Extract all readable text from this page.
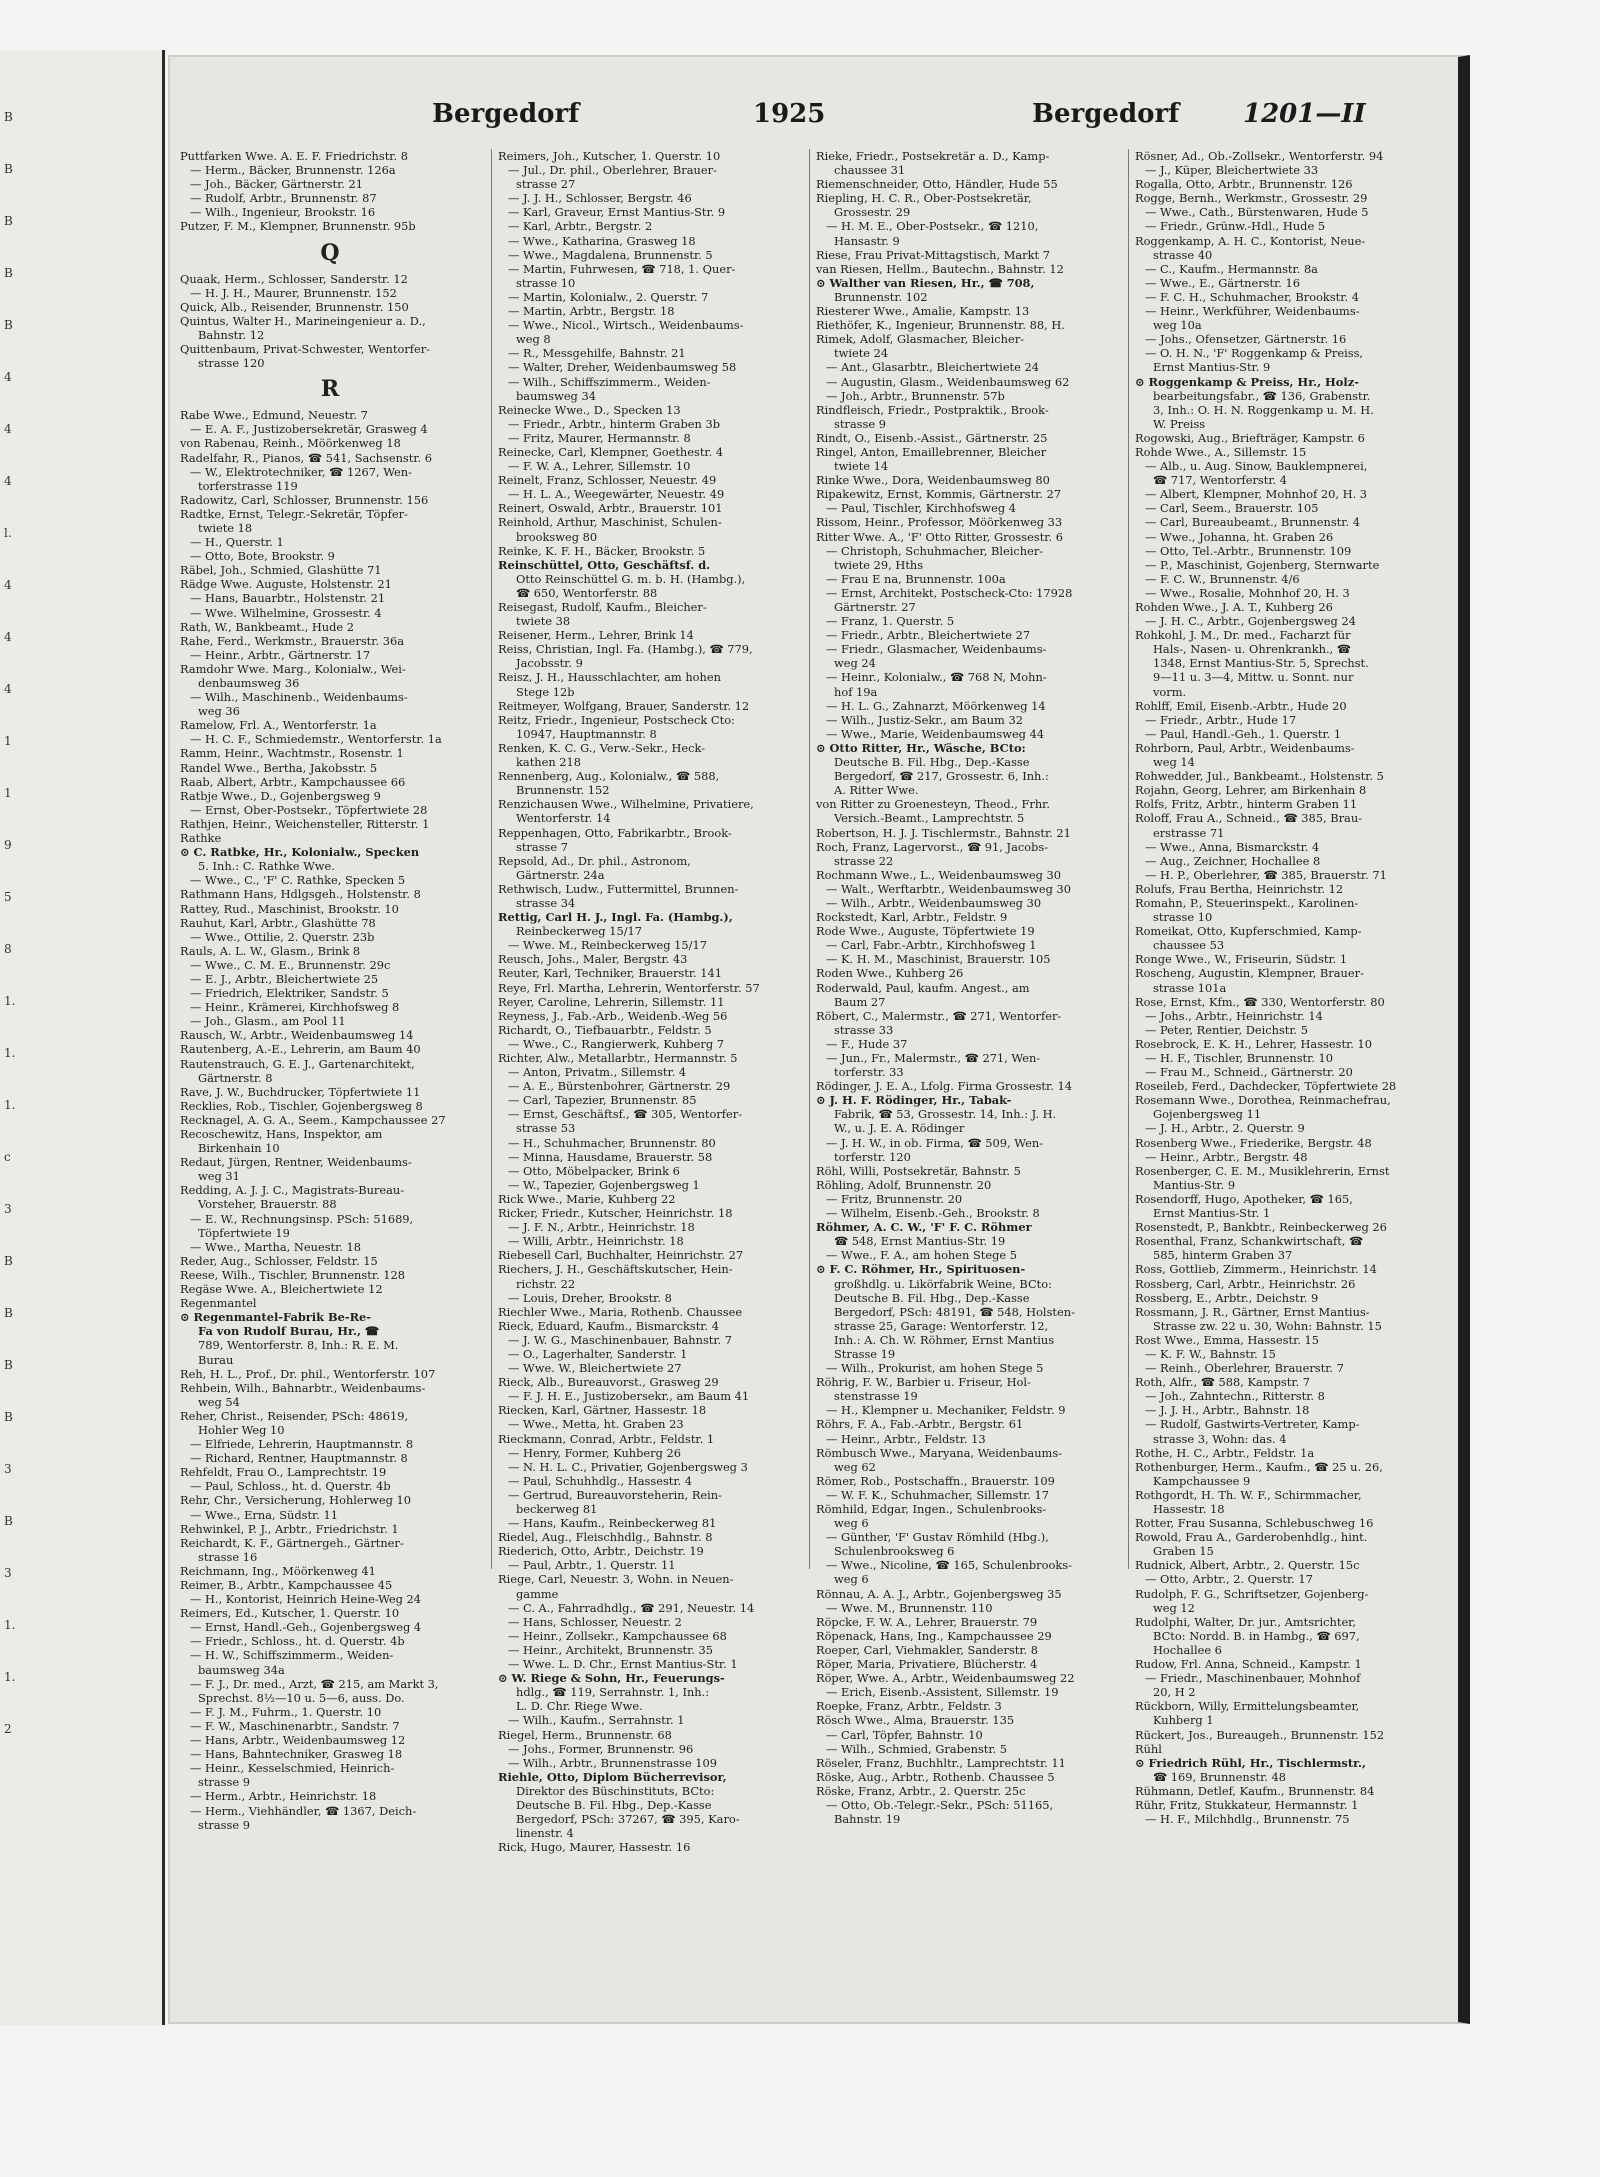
B
B
B
B
B
4
4
4
l.
4
4
4
1
1
9
5
8
1.
1.
1.
c
3
B
B
B
B
3
B
3
1.
1.
2
Bergedorf	1925	Bergedorf 1201—II
Puttfarken Wwe. A. E. F. Friedrichstr. 8
— Herm., Bäcker, Brunnenstr. 126a
— Joh., Bäcker, Gärtnerstr. 21
— Rudolf, Arbtr., Brunnenstr. 87
— Wilh., Ingenieur, Brookstr. 16
Putzer, F. M., Klempner, Brunnenstr. 95b
Q
Quaak, Herm., Schlosser, Sanderstr. 12
— H. J. H., Maurer, Brunnenstr. 152
Quick, Alb., Reisender, Brunnenstr. 150
Quintus, Walter H., Marineingenieur a. D.,
Bahnstr. 12
Quittenbaum, Privat-Schwester, Wentorfer-
strasse 120
R
Rabe Wwe., Edmund, Neuestr. 7
— E. A. F., Justizobersekretär, Grasweg 4
von Rabenau, Reinh., Möörkenweg 18
Radelfahr, R., Pianos, ☎ 541, Sachsenstr. 6
— W., Elektrotechniker, ☎ 1267, Wen-
torferstrasse 119
Radowitz, Carl, Schlosser, Brunnenstr. 156
Radtke, Ernst, Telegr.-Sekretär, Töpfer-
twiete 18
— H., Querstr. 1
— Otto, Bote, Brookstr. 9
Räbel, Joh., Schmied, Glashütte 71
Rädge Wwe. Auguste, Holstenstr. 21
— Hans, Bauarbtr., Holstenstr. 21
— Wwe. Wilhelmine, Grossestr. 4
Rath, W., Bankbeamt., Hude 2
Rahe, Ferd., Werkmstr., Brauerstr. 36a
— Heinr., Arbtr., Gärtnerstr. 17
Ramdohr Wwe. Marg., Kolonialw., Wei-
denbaumsweg 36
— Wilh., Maschinenb., Weidenbaums-
weg 36
Ramelow, Frl. A., Wentorferstr. 1a
— H. C. F., Schmiedemstr., Wentorferstr. 1a
Ramm, Heinr., Wachtmstr., Rosenstr. 1
Randel Wwe., Bertha, Jakobsstr. 5
Raab, Albert, Arbtr., Kampchaussee 66
Ratbje Wwe., D., Gojenbergsweg 9
— Ernst, Ober-Postsekr., Töpfertwiete 28
Rathjen, Heinr., Weichensteller, Ritterstr. 1
Rathke
⊙ C. Ratbke, Hr., Kolonialw., Specken
5. Inh.: C. Rathke Wwe.
— Wwe., C., 'F' C. Rathke, Specken 5
Rathmann Hans, Hdlgsgeh., Holstenstr. 8
Rattey, Rud., Maschinist, Brookstr. 10
Rauhut, Karl, Arbtr., Glashütte 78
— Wwe., Ottilie, 2. Querstr. 23b
Rauls, A. L. W., Glasm., Brink 8
— Wwe., C. M. E., Brunnenstr. 29c
— E. J., Arbtr., Bleichertwiete 25
— Friedrich, Elektriker, Sandstr. 5
— Heinr., Krämerei, Kirchhofsweg 8
— Joh., Glasm., am Pool 11
Rausch, W., Arbtr., Weidenbaumsweg 14
Rautenberg, A.-E., Lehrerin, am Baum 40
Rautenstrauch, G. E. J., Gartenarchitekt,
Gärtnerstr. 8
Rave, J. W., Buchdrucker, Töpfertwiete 11
Recklies, Rob., Tischler, Gojenbergsweg 8
Recknagel, A. G. A., Seem., Kampchaussee 27
Recoschewitz, Hans, Inspektor, am
Birkenhain 10
Redaut, Jürgen, Rentner, Weidenbaums-
weg 31
Redding, A. J. J. C., Magistrats-Bureau-
Vorsteher, Brauerstr. 88
— E. W., Rechnungsinsp. PSch: 51689,
Töpfertwiete 19
— Wwe., Martha, Neuestr. 18
Reder, Aug., Schlosser, Feldstr. 15
Reese, Wilh., Tischler, Brunnenstr. 128
Regäse Wwe. A., Bleichertwiete 12
Regenmantel
⊙ Regenmantel-Fabrik Be-Re-
Fa von Rudolf Burau, Hr., ☎
789, Wentorferstr. 8, Inh.: R. E. M.
Burau
Reh, H. L., Prof., Dr. phil., Wentorferstr. 107
Rehbein, Wilh., Bahnarbtr., Weidenbaums-
weg 54
Reher, Christ., Reisender, PSch: 48619,
Hohler Weg 10
— Elfriede, Lehrerin, Hauptmannstr. 8
— Richard, Rentner, Hauptmannstr. 8
Rehfeldt, Frau O., Lamprechtstr. 19
— Paul, Schloss., ht. d. Querstr. 4b
Rehr, Chr., Versicherung, Hohlerweg 10
— Wwe., Erna, Südstr. 11
Rehwinkel, P. J., Arbtr., Friedrichstr. 1
Reichardt, K. F., Gärtnergeh., Gärtner-
strasse 16
Reichmann, Ing., Möörkenweg 41
Reimer, B., Arbtr., Kampchaussee 45
— H., Kontorist, Heinrich Heine-Weg 24
Reimers, Ed., Kutscher, 1. Querstr. 10
— Ernst, Handl.-Geh., Gojenbergsweg 4
— Friedr., Schloss., ht. d. Querstr. 4b
— H. W., Schiffszimmerm., Weiden-
baumsweg 34a
— F. J., Dr. med., Arzt, ☎ 215, am Markt 3,
Sprechst. 8½—10 u. 5—6, auss. Do.
— F. J. M., Fuhrm., 1. Querstr. 10
— F. W., Maschinenarbtr., Sandstr. 7
— Hans, Arbtr., Weidenbaumsweg 12
— Hans, Bahntechniker, Grasweg 18
— Heinr., Kesselschmied, Heinrich-
strasse 9
— Herm., Arbtr., Heinrichstr. 18
— Herm., Viehhändler, ☎ 1367, Deich-
strasse 9
Reimers, Joh., Kutscher, 1. Querstr. 10
— Jul., Dr. phil., Oberlehrer, Brauer-
strasse 27
— J. J. H., Schlosser, Bergstr. 46
— Karl, Graveur, Ernst Mantius-Str. 9
— Karl, Arbtr., Bergstr. 2
— Wwe., Katharina, Grasweg 18
— Wwe., Magdalena, Brunnenstr. 5
— Martin, Fuhrwesen, ☎ 718, 1. Quer-
strasse 10
— Martin, Kolonialw., 2. Querstr. 7
— Martin, Arbtr., Bergstr. 18
— Wwe., Nicol., Wirtsch., Weidenbaums-
weg 8
— R., Messgehilfe, Bahnstr. 21
— Walter, Dreher, Weidenbaumsweg 58
— Wilh., Schiffszimmerm., Weiden-
baumsweg 34
Reinecke Wwe., D., Specken 13
— Friedr., Arbtr., hinterm Graben 3b
— Fritz, Maurer, Hermannstr. 8
Reinecke, Carl, Klempner, Goethestr. 4
— F. W. A., Lehrer, Sillemstr. 10
Reinelt, Franz, Schlosser, Neuestr. 49
— H. L. A., Weegewärter, Neuestr. 49
Reinert, Oswald, Arbtr., Brauerstr. 101
Reinhold, Arthur, Maschinist, Schulen-
brooksweg 80
Reinke, K. F. H., Bäcker, Brookstr. 5
Reinschüttel, Otto, Geschäftsf. d.
Otto Reinschüttel G. m. b. H. (Hambg.),
☎ 650, Wentorferstr. 88
Reisegast, Rudolf, Kaufm., Bleicher-
twiete 38
Reisener, Herm., Lehrer, Brink 14
Reiss, Christian, Ingl. Fa. (Hambg.), ☎ 779,
Jacobsstr. 9
Reisz, J. H., Hausschlachter, am hohen
Stege 12b
Reitmeyer, Wolfgang, Brauer, Sanderstr. 12
Reitz, Friedr., Ingenieur, Postscheck Cto:
10947, Hauptmannstr. 8
Renken, K. C. G., Verw.-Sekr., Heck-
kathen 218
Rennenberg, Aug., Kolonialw., ☎ 588,
Brunnenstr. 152
Renzichausen Wwe., Wilhelmine, Privatiere,
Wentorferstr. 14
Reppenhagen, Otto, Fabrikarbtr., Brook-
strasse 7
Repsold, Ad., Dr. phil., Astronom,
Gärtnerstr. 24a
Rethwisch, Ludw., Futtermittel, Brunnen-
strasse 34
Rettig, Carl H. J., Ingl. Fa. (Hambg.),
Reinbeckerweg 15/17
— Wwe. M., Reinbeckerweg 15/17
Reusch, Johs., Maler, Bergstr. 43
Reuter, Karl, Techniker, Brauerstr. 141
Reye, Frl. Martha, Lehrerin, Wentorferstr. 57
Reyer, Caroline, Lehrerin, Sillemstr. 11
Reyness, J., Fab.-Arb., Weidenb.-Weg 56
Richardt, O., Tiefbauarbtr., Feldstr. 5
— Wwe., C., Rangierwerk, Kuhberg 7
Richter, Alw., Metallarbtr., Hermannstr. 5
— Anton, Privatm., Sillemstr. 4
— A. E., Bürstenbohrer, Gärtnerstr. 29
— Carl, Tapezier, Brunnenstr. 85
— Ernst, Geschäftsf., ☎ 305, Wentorfer-
strasse 53
— H., Schuhmacher, Brunnenstr. 80
— Minna, Hausdame, Brauerstr. 58
— Otto, Möbelpacker, Brink 6
— W., Tapezier, Gojenbergsweg 1
Rick Wwe., Marie, Kuhberg 22
Ricker, Friedr., Kutscher, Heinrichstr. 18
— J. F. N., Arbtr., Heinrichstr. 18
— Willi, Arbtr., Heinrichstr. 18
Riebesell Carl, Buchhalter, Heinrichstr. 27
Riechers, J. H., Geschäftskutscher, Hein-
richstr. 22
— Louis, Dreher, Brookstr. 8
Riechler Wwe., Maria, Rothenb. Chaussee
Rieck, Eduard, Kaufm., Bismarckstr. 4
— J. W. G., Maschinenbauer, Bahnstr. 7
— O., Lagerhalter, Sanderstr. 1
— Wwe. W., Bleichertwiete 27
Rieck, Alb., Bureauvorst., Grasweg 29
— F. J. H. E., Justizobersekr., am Baum 41
Riecken, Karl, Gärtner, Hassestr. 18
— Wwe., Metta, ht. Graben 23
Rieckmann, Conrad, Arbtr., Feldstr. 1
— Henry, Former, Kuhberg 26
— N. H. L. C., Privatier, Gojenbergsweg 3
— Paul, Schuhhdlg., Hassestr. 4
— Gertrud, Bureauvorsteherin, Rein-
beckerweg 81
— Hans, Kaufm., Reinbeckerweg 81
Riedel, Aug., Fleischhdlg., Bahnstr. 8
Riederich, Otto, Arbtr., Deichstr. 19
— Paul, Arbtr., 1. Querstr. 11
Riege, Carl, Neuestr. 3, Wohn. in Neuen-
gamme
— C. A., Fahrradhdlg., ☎ 291, Neuestr. 14
— Hans, Schlosser, Neuestr. 2
— Heinr., Zollsekr., Kampchaussee 68
— Heinr., Architekt, Brunnenstr. 35
— Wwe. L. D. Chr., Ernst Mantius-Str. 1
⊙ W. Riege & Sohn, Hr., Feuerungs-
hdlg., ☎ 119, Serrahnstr. 1, Inh.:
L. D. Chr. Riege Wwe.
— Wilh., Kaufm., Serrahnstr. 1
Riegel, Herm., Brunnenstr. 68
— Johs., Former, Brunnenstr. 96
— Wilh., Arbtr., Brunnenstrasse 109
Riehle, Otto, Diplom Bücherrevisor,
Direktor des Büschinstituts, BCto:
Deutsche B. Fil. Hbg., Dep.-Kasse
Bergedorf, PSch: 37267, ☎ 395, Karo-
linenstr. 4
Rick, Hugo, Maurer, Hassestr. 16
Rieke, Friedr., Postsekretär a. D., Kamp-
chaussee 31
Riemenschneider, Otto, Händler, Hude 55
Riepling, H. C. R., Ober-Postsekretär,
Grossestr. 29
— H. M. E., Ober-Postsekr., ☎ 1210,
Hansastr. 9
Riese, Frau Privat-Mittagstisch, Markt 7
van Riesen, Hellm., Bautechn., Bahnstr. 12
⊙ Walther van Riesen, Hr., ☎ 708,
Brunnenstr. 102
Riesterer Wwe., Amalie, Kampstr. 13
Riethöfer, K., Ingenieur, Brunnenstr. 88, H.
Rimek, Adolf, Glasmacher, Bleicher-
twiete 24
— Ant., Glasarbtr., Bleichertwiete 24
— Augustin, Glasm., Weidenbaumsweg 62
— Joh., Arbtr., Brunnenstr. 57b
Rindfleisch, Friedr., Postpraktik., Brook-
strasse 9
Rindt, O., Eisenb.-Assist., Gärtnerstr. 25
Ringel, Anton, Emaillebrenner, Bleicher
twiete 14
Rinke Wwe., Dora, Weidenbaumsweg 80
Ripakewitz, Ernst, Kommis, Gärtnerstr. 27
— Paul, Tischler, Kirchhofsweg 4
Rissom, Heinr., Professor, Möörkenweg 33
Ritter Wwe. A., 'F' Otto Ritter, Grossestr. 6
— Christoph, Schuhmacher, Bleicher-
twiete 29, Hths
— Frau E na, Brunnenstr. 100a
— Ernst, Architekt, Postscheck-Cto: 17928
Gärtnerstr. 27
— Franz, 1. Querstr. 5
— Friedr., Arbtr., Bleichertwiete 27
— Friedr., Glasmacher, Weidenbaums-
weg 24
— Heinr., Kolonialw., ☎ 768 N, Mohn-
hof 19a
— H. L. G., Zahnarzt, Möörkenweg 14
— Wilh., Justiz-Sekr., am Baum 32
— Wwe., Marie, Weidenbaumsweg 44
⊙ Otto Ritter, Hr., Wäsche, BCto:
Deutsche B. Fil. Hbg., Dep.-Kasse
Bergedorf, ☎ 217, Grossestr. 6, Inh.:
A. Ritter Wwe.
von Ritter zu Groenesteyn, Theod., Frhr.
Versich.-Beamt., Lamprechtstr. 5
Robertson, H. J. J. Tischlermstr., Bahnstr. 21
Roch, Franz, Lagervorst., ☎ 91, Jacobs-
strasse 22
Rochmann Wwe., L., Weidenbaumsweg 30
— Walt., Werftarbtr., Weidenbaumsweg 30
— Wilh., Arbtr., Weidenbaumsweg 30
Rockstedt, Karl, Arbtr., Feldstr. 9
Rode Wwe., Auguste, Töpfertwiete 19
— Carl, Fabr.-Arbtr., Kirchhofsweg 1
— K. H. M., Maschinist, Brauerstr. 105
Roden Wwe., Kuhberg 26
Roderwald, Paul, kaufm. Angest., am
Baum 27
Röbert, C., Malermstr., ☎ 271, Wentorfer-
strasse 33
— F., Hude 37
— Jun., Fr., Malermstr., ☎ 271, Wen-
torferstr. 33
Rödinger, J. E. A., Lfolg. Firma Grossestr. 14
⊙ J. H. F. Rödinger, Hr., Tabak-
Fabrik, ☎ 53, Grossestr. 14, Inh.: J. H.
W., u. J. E. A. Rödinger
— J. H. W., in ob. Firma, ☎ 509, Wen-
torferstr. 120
Röhl, Willi, Postsekretär, Bahnstr. 5
Röhling, Adolf, Brunnenstr. 20
— Fritz, Brunnenstr. 20
— Wilhelm, Eisenb.-Geh., Brookstr. 8
Röhmer, A. C. W., 'F' F. C. Röhmer
☎ 548, Ernst Mantius-Str. 19
— Wwe., F. A., am hohen Stege 5
⊙ F. C. Röhmer, Hr., Spirituosen-
großhdlg. u. Likörfabrik Weine, BCto:
Deutsche B. Fil. Hbg., Dep.-Kasse
Bergedorf, PSch: 48191, ☎ 548, Holsten-
strasse 25, Garage: Wentorferstr. 12,
Inh.: A. Ch. W. Röhmer, Ernst Mantius
Strasse 19
— Wilh., Prokurist, am hohen Stege 5
Röhrig, F. W., Barbier u. Friseur, Hol-
stenstrasse 19
— H., Klempner u. Mechaniker, Feldstr. 9
Röhrs, F. A., Fab.-Arbtr., Bergstr. 61
— Heinr., Arbtr., Feldstr. 13
Römbusch Wwe., Maryana, Weidenbaums-
weg 62
Römer, Rob., Postschaffn., Brauerstr. 109
— W. F. K., Schuhmacher, Sillemstr. 17
Römhild, Edgar, Ingen., Schulenbrooks-
weg 6
— Günther, 'F' Gustav Römhild (Hbg.),
Schulenbrooksweg 6
— Wwe., Nicoline, ☎ 165, Schulenbrooks-
weg 6
Rönnau, A. A. J., Arbtr., Gojenbergsweg 35
— Wwe. M., Brunnenstr. 110
Röpcke, F. W. A., Lehrer, Brauerstr. 79
Röpenack, Hans, Ing., Kampchaussee 29
Roeper, Carl, Viehmakler, Sanderstr. 8
Röper, Maria, Privatiere, Blücherstr. 4
Röper, Wwe. A., Arbtr., Weidenbaumsweg 22
— Erich, Eisenb.-Assistent, Sillemstr. 19
Roepke, Franz, Arbtr., Feldstr. 3
Rösch Wwe., Alma, Brauerstr. 135
— Carl, Töpfer, Bahnstr. 10
— Wilh., Schmied, Grabenstr. 5
Röseler, Franz, Buchhltr., Lamprechtstr. 11
Röske, Aug., Arbtr., Rothenb. Chaussee 5
Röske, Franz, Arbtr., 2. Querstr. 25c
— Otto, Ob.-Telegr.-Sekr., PSch: 51165,
Bahnstr. 19
Rösner, Ad., Ob.-Zollsekr., Wentorferstr. 94
— J., Küper, Bleichertwiete 33
Rogalla, Otto, Arbtr., Brunnenstr. 126
Rogge, Bernh., Werkmstr., Grossestr. 29
— Wwe., Cath., Bürstenwaren, Hude 5
— Friedr., Grünw.-Hdl., Hude 5
Roggenkamp, A. H. C., Kontorist, Neue-
strasse 40
— C., Kaufm., Hermannstr. 8a
— Wwe., E., Gärtnerstr. 16
— F. C. H., Schuhmacher, Brookstr. 4
— Heinr., Werkführer, Weidenbaums-
weg 10a
— Johs., Ofensetzer, Gärtnerstr. 16
— O. H. N., 'F' Roggenkamp & Preiss,
Ernst Mantius-Str. 9
⊙ Roggenkamp & Preiss, Hr., Holz-
bearbeitungsfabr., ☎ 136, Grabenstr.
3, Inh.: O. H. N. Roggenkamp u. M. H.
W. Preiss
Rogowski, Aug., Briefträger, Kampstr. 6
Rohde Wwe., A., Sillemstr. 15
— Alb., u. Aug. Sinow, Bauklempnerei,
☎ 717, Wentorferstr. 4
— Albert, Klempner, Mohnhof 20, H. 3
— Carl, Seem., Brauerstr. 105
— Carl, Bureaubeamt., Brunnenstr. 4
— Wwe., Johanna, ht. Graben 26
— Otto, Tel.-Arbtr., Brunnenstr. 109
— P., Maschinist, Gojenberg, Sternwarte
— F. C. W., Brunnenstr. 4/6
— Wwe., Rosalie, Mohnhof 20, H. 3
Rohden Wwe., J. A. T., Kuhberg 26
— J. H. C., Arbtr., Gojenbergsweg 24
Rohkohl, J. M., Dr. med., Facharzt für
Hals-, Nasen- u. Ohrenkrankh., ☎
1348, Ernst Mantius-Str. 5, Sprechst.
9—11 u. 3—4, Mittw. u. Sonnt. nur
vorm.
Rohlff, Emil, Eisenb.-Arbtr., Hude 20
— Friedr., Arbtr., Hude 17
— Paul, Handl.-Geh., 1. Querstr. 1
Rohrborn, Paul, Arbtr., Weidenbaums-
weg 14
Rohwedder, Jul., Bankbeamt., Holstenstr. 5
Rojahn, Georg, Lehrer, am Birkenhain 8
Rolfs, Fritz, Arbtr., hinterm Graben 11
Roloff, Frau A., Schneid., ☎ 385, Brau-
erstrasse 71
— Wwe., Anna, Bismarckstr. 4
— Aug., Zeichner, Hochallee 8
— H. P., Oberlehrer, ☎ 385, Brauerstr. 71
Rolufs, Frau Bertha, Heinrichstr. 12
Romahn, P., Steuerinspekt., Karolinen-
strasse 10
Romeikat, Otto, Kupferschmied, Kamp-
chaussee 53
Ronge Wwe., W., Friseurin, Südstr. 1
Roscheng, Augustin, Klempner, Brauer-
strasse 101a
Rose, Ernst, Kfm., ☎ 330, Wentorferstr. 80
— Johs., Arbtr., Heinrichstr. 14
— Peter, Rentier, Deichstr. 5
Rosebrock, E. K. H., Lehrer, Hassestr. 10
— H. F., Tischler, Brunnenstr. 10
— Frau M., Schneid., Gärtnerstr. 20
Roseileb, Ferd., Dachdecker, Töpfertwiete 28
Rosemann Wwe., Dorothea, Reinmachefrau,
Gojenbergsweg 11
— J. H., Arbtr., 2. Querstr. 9
Rosenberg Wwe., Friederike, Bergstr. 48
— Heinr., Arbtr., Bergstr. 48
Rosenberger, C. E. M., Musiklehrerin, Ernst
Mantius-Str. 9
Rosendorff, Hugo, Apotheker, ☎ 165,
Ernst Mantius-Str. 1
Rosenstedt, P., Bankbtr., Reinbeckerweg 26
Rosenthal, Franz, Schankwirtschaft, ☎
585, hinterm Graben 37
Ross, Gottlieb, Zimmerm., Heinrichstr. 14
Rossberg, Carl, Arbtr., Heinrichstr. 26
Rossberg, E., Arbtr., Deichstr. 9
Rossmann, J. R., Gärtner, Ernst Mantius-
Strasse zw. 22 u. 30, Wohn: Bahnstr. 15
Rost Wwe., Emma, Hassestr. 15
— K. F. W., Bahnstr. 15
— Reinh., Oberlehrer, Brauerstr. 7
Roth, Alfr., ☎ 588, Kampstr. 7
— Joh., Zahntechn., Ritterstr. 8
— J. J. H., Arbtr., Bahnstr. 18
— Rudolf, Gastwirts-Vertreter, Kamp-
strasse 3, Wohn: das. 4
Rothe, H. C., Arbtr., Feldstr. 1a
Rothenburger, Herm., Kaufm., ☎ 25 u. 26,
Kampchaussee 9
Rothgordt, H. Th. W. F., Schirmmacher,
Hassestr. 18
Rotter, Frau Susanna, Schlebuschweg 16
Rowold, Frau A., Garderobenhdlg., hint.
Graben 15
Rudnick, Albert, Arbtr., 2. Querstr. 15c
— Otto, Arbtr., 2. Querstr. 17
Rudolph, F. G., Schriftsetzer, Gojenberg-
weg 12
Rudolphi, Walter, Dr. jur., Amtsrichter,
BCto: Nordd. B. in Hambg., ☎ 697,
Hochallee 6
Rudow, Frl. Anna, Schneid., Kampstr. 1
— Friedr., Maschinenbauer, Mohnhof
20, H 2
Rückborn, Willy, Ermittelungsbeamter,
Kuhberg 1
Rückert, Jos., Bureaugeh., Brunnenstr. 152
Rühl
⊙ Friedrich Rühl, Hr., Tischlermstr.,
☎ 169, Brunnenstr. 48
Rühmann, Detlef, Kaufm., Brunnenstr. 84
Rühr, Fritz, Stukkateur, Hermannstr. 1
— H. F., Milchhdlg., Brunnenstr. 75
